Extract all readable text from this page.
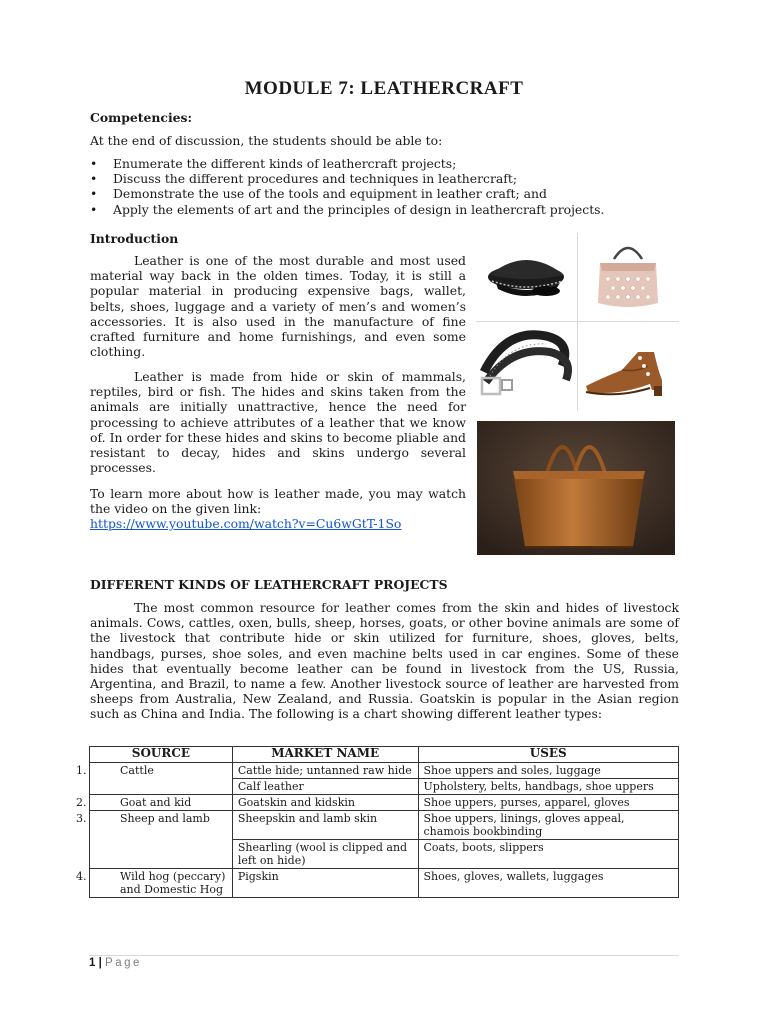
MODULE 7: LEATHERCRAFT
Competencies:
At the end of discussion, the students should be able to:
• Enumerate the different kinds of leathercraft projects;
• Discuss the different procedures and techniques in leathercraft;
• Demonstrate the use of the tools and equipment in leather craft; and
• Apply the elements of art and the principles of design in leathercraft projects.
Introduction
Leather is one of the most durable and most used material way back in the olden times. Today, it is still a popular material in producing expensive bags, wallet, belts, shoes, luggage and a variety of men’s and women’s accessories. It is also used in the manufacture of fine crafted furniture and home furnishings, and even some clothing.
Leather is made from hide or skin of mammals, reptiles, bird or fish. The hides and skins taken from the animals are initially unattractive, hence the need for processing to achieve attributes of a leather that we know of. In order for these hides and skins to become pliable and resistant to decay, hides and skins undergo several processes.
To learn more about how is leather made, you may watch the video on the given link:
https://www.youtube.com/watch?v=Cu6wGtT-1So
DIFFERENT KINDS OF LEATHERCRAFT PROJECTS
The most common resource for leather comes from the skin and hides of livestock animals. Cows, cattles, oxen, bulls, sheep, horses, goats, or other bovine animals are some of the livestock that contribute hide or skin utilized for furniture, shoes, gloves, belts, handbags, purses, shoe soles, and even machine belts used in car engines. Some of these hides that eventually become leather can be found in livestock from the US, Russia, Argentina, and Brazil, to name a few. Another livestock source of leather are harvested from sheeps from Australia, New Zealand, and Russia. Goatskin is popular in the Asian region such as China and India. The following is a chart showing different leather types:
SOURCE	MARKET NAME	USES

1. Cattle	Cattle hide; untanned raw hide	Shoe uppers and soles, luggage
	Calf leather	Upholstery, belts, handbags, shoe uppers

2. Goat and kid	Goatskin and kidskin	Shoe uppers, purses, apparel, gloves

3. Sheep and lamb	Sheepskin and lamb skin	Shoe uppers, linings, gloves appeal, chamois bookbinding
	Shearling (wool is clipped and left on hide)	Coats, boots, slippers

4. Wild hog (peccary) and Domestic Hog	Pigskin	Shoes, gloves, wallets, luggages
1 | Page
